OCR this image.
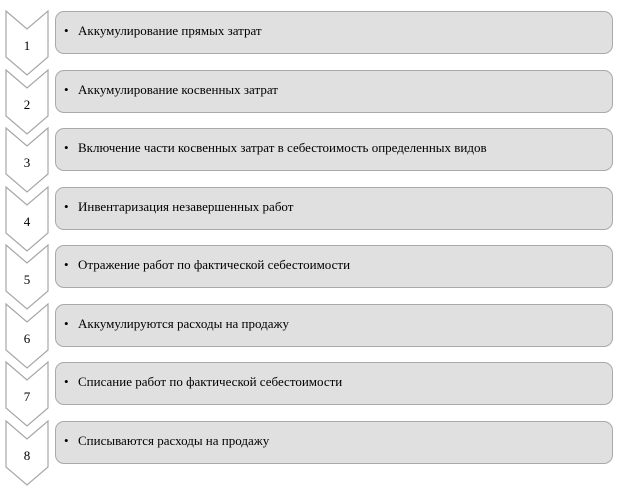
1
• Аккумулирование прямых затрат
2
• Аккумулирование косвенных затрат
3
• Включение части косвенных затрат в себестоимость определенных видов
4
• Инвентаризация незавершенных работ
5
• Отражение работ по фактической себестоимости
6
• Аккумулируются расходы на продажу
7
• Списание работ по фактической себестоимости
8
• Списываются расходы на продажу
